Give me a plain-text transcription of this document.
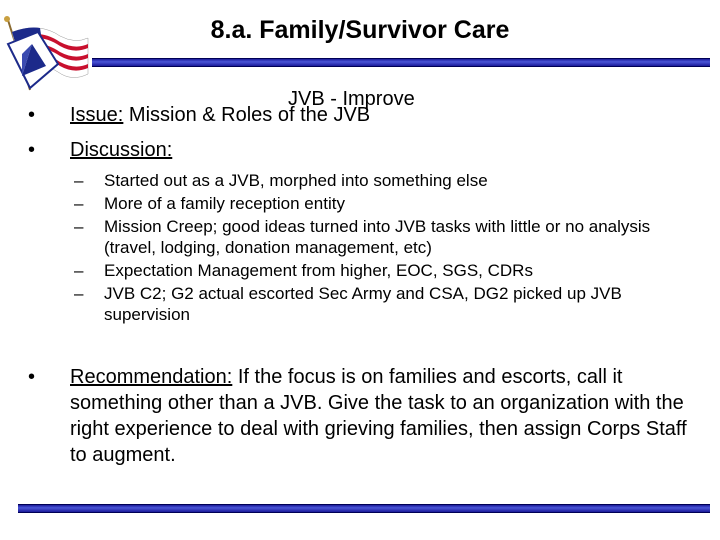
8.a. Family/Survivor Care
JVB - Improve
•	Issue: Mission & Roles of the JVB
•	Discussion:
–	Started out as a JVB, morphed into something else
–	More of a family reception entity
–	Mission Creep; good ideas turned into JVB tasks with little or no analysis (travel, lodging, donation management, etc)
–	Expectation Management from higher, EOC, SGS, CDRs
–	JVB C2; G2 actual escorted Sec Army and CSA, DG2 picked up JVB supervision
•	Recommendation: If the focus is on families and escorts, call it something other than a JVB. Give the task to an organization with the right experience to deal with grieving families, then assign Corps Staff to augment.
